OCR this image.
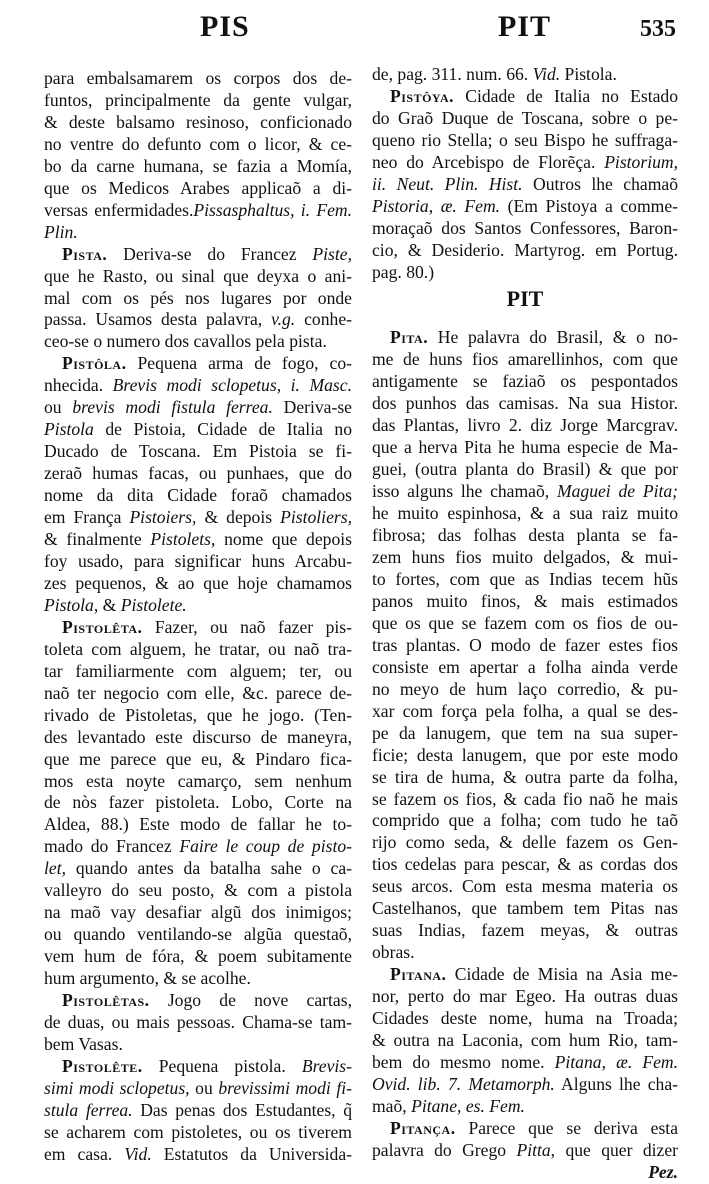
PIS	PIT	535
para embalsamarem os corpos dos de-
funtos, principalmente da gente vulgar,
& deste balsamo resinoso, conficionado
no ventre do defunto com o licor, & ce-
bo da carne humana, se fazia a Momía,
que os Medicos Arabes applicaõ a di-
versas enfermidades.Pissasphaltus, i. Fem.
Plin.
Pista. Deriva-se do Francez Piste,
que he Rasto, ou sinal que deyxa o ani-
mal com os pés nos lugares por onde
passa. Usamos desta palavra, v.g. conhe-
ceo-se o numero dos cavallos pela pista.
Pistôla. Pequena arma de fogo, co-
nhecida. Brevis modi sclopetus, i. Masc.
ou brevis modi fistula ferrea. Deriva-se
Pistola de Pistoia, Cidade de Italia no
Ducado de Toscana. Em Pistoia se fi-
zeraõ humas facas, ou punhaes, que do
nome da dita Cidade foraõ chamados
em França Pistoiers, & depois Pistoliers,
& finalmente Pistolets, nome que depois
foy usado, para significar huns Arcabu-
zes pequenos, & ao que hoje chamamos
Pistola, & Pistolete.
Pistolêta. Fazer, ou naõ fazer pis-
toleta com alguem, he tratar, ou naõ tra-
tar familiarmente com alguem; ter, ou
naõ ter negocio com elle, &c. parece de-
rivado de Pistoletas, que he jogo. (Ten-
des levantado este discurso de maneyra,
que me parece que eu, & Pindaro fica-
mos esta noyte camarço, sem nenhum
de nòs fazer pistoleta. Lobo, Corte na
Aldea, 88.) Este modo de fallar he to-
mado do Francez Faire le coup de pisto-
let, quando antes da batalha sahe o ca-
valleyro do seu posto, & com a pistola
na maõ vay desafiar algũ dos inimigos;
ou quando ventilando-se algũa questaõ,
vem hum de fóra, & poem subitamente
hum argumento, & se acolhe.
Pistolêtas. Jogo de nove cartas,
de duas, ou mais pessoas. Chama-se tam-
bem Vasas.
Pistolête. Pequena pistola. Brevis-
simi modi sclopetus, ou brevissimi modi fi-
stula ferrea. Das penas dos Estudantes, q̃
se acharem com pistoletes, ou os tiverem
em casa. Vid. Estatutos da Universida-
de, pag. 311. num. 66. Vid. Pistola.
Pistôya. Cidade de Italia no Estado
do Graõ Duque de Toscana, sobre o pe-
queno rio Stella; o seu Bispo he suffraga-
neo do Arcebispo de Florẽça. Pistorium,
ii. Neut. Plin. Hist. Outros lhe chamaõ
Pistoria, æ. Fem. (Em Pistoya a comme-
moraçaõ dos Santos Confessores, Baron-
cio, & Desiderio. Martyrog. em Portug.
pag. 80.)
PIT
Pita. He palavra do Brasil, & o no-
me de huns fios amarellinhos, com que
antigamente se faziaõ os pespontados
dos punhos das camisas. Na sua Histor.
das Plantas, livro 2. diz Jorge Marcgrav.
que a herva Pita he huma especie de Ma-
guei, (outra planta do Brasil) & que por
isso alguns lhe chamaõ, Maguei de Pita;
he muito espinhosa, & a sua raiz muito
fibrosa; das folhas desta planta se fa-
zem huns fios muito delgados, & mui-
to fortes, com que as Indias tecem hũs
panos muito finos, & mais estimados
que os que se fazem com os fios de ou-
tras plantas. O modo de fazer estes fios
consiste em apertar a folha ainda verde
no meyo de hum laço corredio, & pu-
xar com força pela folha, a qual se des-
pe da lanugem, que tem na sua super-
ficie; desta lanugem, que por este modo
se tira de huma, & outra parte da folha,
se fazem os fios, & cada fio naõ he mais
comprido que a folha; com tudo he taõ
rijo como seda, & delle fazem os Gen-
tios cedelas para pescar, & as cordas dos
seus arcos. Com esta mesma materia os
Castelhanos, que tambem tem Pitas nas
suas Indias, fazem meyas, & outras
obras.
Pitana. Cidade de Misia na Asia me-
nor, perto do mar Egeo. Ha outras duas
Cidades deste nome, huma na Troada;
& outra na Laconia, com hum Rio, tam-
bem do mesmo nome. Pitana, æ. Fem.
Ovid. lib. 7. Metamorph. Alguns lhe cha-
maõ, Pitane, es. Fem.
Pitança. Parece que se deriva esta
palavra do Grego Pitta, que quer dizer
Pez.
